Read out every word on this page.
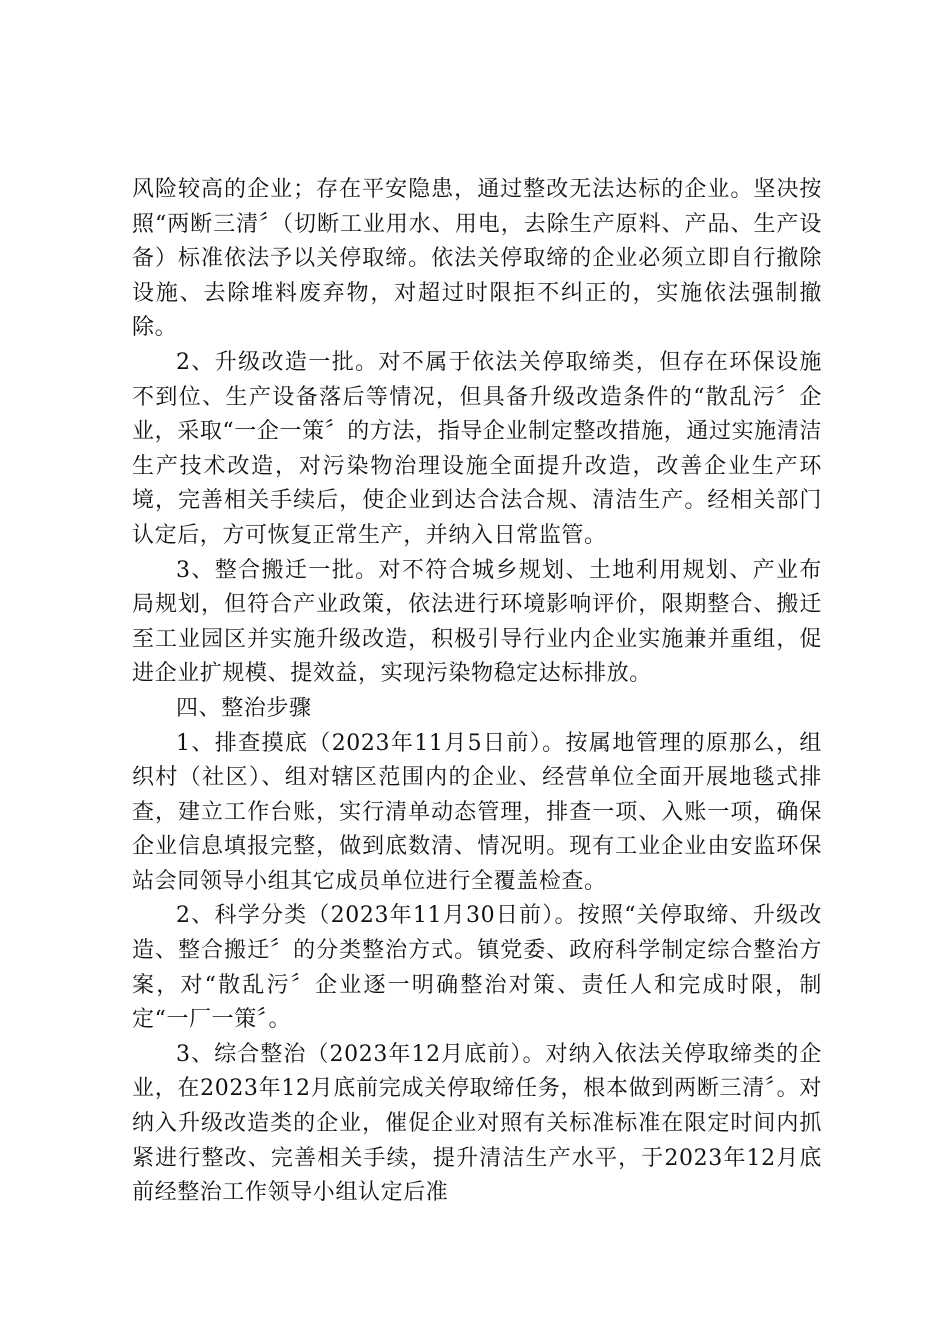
风险较高的企业；存在平安隐患，通过整改无法达标的企业。坚决按照“两断三清〞（切断工业用水、用电，去除生产原料、产品、生产设备）标准依法予以关停取缔。依法关停取缔的企业必须立即自行撤除设施、去除堆料废弃物，对超过时限拒不纠正的，实施依法强制撤除。

2、升级改造一批。对不属于依法关停取缔类，但存在环保设施不到位、生产设备落后等情况，但具备升级改造条件的“散乱污〞企业，采取“一企一策〞的方法，指导企业制定整改措施，通过实施清洁生产技术改造，对污染物治理设施全面提升改造，改善企业生产环境，完善相关手续后，使企业到达合法合规、清洁生产。经相关部门认定后，方可恢复正常生产，并纳入日常监管。

3、整合搬迁一批。对不符合城乡规划、土地利用规划、产业布局规划，但符合产业政策，依法进行环境影响评价，限期整合、搬迁至工业园区并实施升级改造，积极引导行业内企业实施兼并重组，促进企业扩规模、提效益，实现污染物稳定达标排放。

四、整治步骤

1、排查摸底（2023年11月5日前）。按属地管理的原那么，组织村（社区）、组对辖区范围内的企业、经营单位全面开展地毯式排查，建立工作台账，实行清单动态管理，排查一项、入账一项，确保企业信息填报完整，做到底数清、情况明。现有工业企业由安监环保站会同领导小组其它成员单位进行全覆盖检查。

2、科学分类（2023年11月30日前）。按照“关停取缔、升级改造、整合搬迁〞的分类整治方式。镇党委、政府科学制定综合整治方案，对“散乱污〞企业逐一明确整治对策、责任人和完成时限，制定“一厂一策〞。

3、综合整治（2023年12月底前）。对纳入依法关停取缔类的企业，在2023年12月底前完成关停取缔任务，根本做到两断三清〞。对纳入升级改造类的企业，催促企业对照有关标准标准在限定时间内抓紧进行整改、完善相关手续，提升清洁生产水平，于2023年12月底前经整治工作领导小组认定后准
